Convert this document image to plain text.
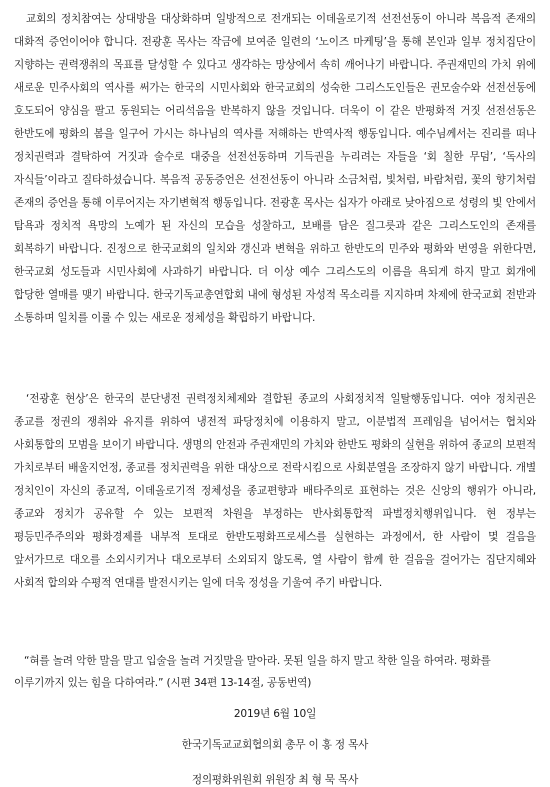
교회의 정치참여는 상대방을 대상화하며 일방적으로 전개되는 이데올로기적 선전선동이 아니라 복음적 존재의 대화적 증언이어야 합니다. 전광훈 목사는 작금에 보여준 일련의 ‘노이즈 마케팅’을 통해 본인과 일부 정치집단이 지향하는 권력쟁취의 목표를 달성할 수 있다고 생각하는 망상에서 속히 깨어나기 바랍니다. 주권재민의 가치 위에 새로운 민주사회의 역사를 써가는 한국의 시민사회와 한국교회의 성숙한 그리스도인들은 권모술수와 선전선동에 호도되어 양심을 팔고 동원되는 어리석음을 반복하지 않을 것입니다. 더욱이 이 같은 반평화적 거짓 선전선동은 한반도에 평화의 봄을 일구어 가시는 하나님의 역사를 저해하는 반역사적 행동입니다. 예수님께서는 진리를 떠나 정치권력과 결탁하여 거짓과 술수로 대중을 선전선동하며 기득권을 누리려는 자들을 ‘회 칠한 무덤’, ‘독사의 자식들’이라고 질타하셨습니다. 복음적 공동증언은 선전선동이 아니라 소금처럼, 빛처럼, 바람처럼, 꽃의 향기처럼 존재의 증언을 통해 이루어지는 자기변혁적 행동입니다. 전광훈 목사는 십자가 아래로 낮아짐으로 성령의 빛 안에서 탐욕과 정치적 욕망의 노예가 된 자신의 모습을 성찰하고, 보배를 담은 질그릇과 같은 그리스도인의 존재를 회복하기 바랍니다. 진정으로 한국교회의 일치와 갱신과 변혁을 위하고 한반도의 민주와 평화와 번영을 위한다면, 한국교회 성도들과 시민사회에 사과하기 바랍니다. 더 이상 예수 그리스도의 이름을 욕되게 하지 말고 회개에 합당한 열매를 맺기 바랍니다. 한국기독교총연합회 내에 형성된 자성적 목소리를 지지하며 차제에 한국교회 전반과 소통하며 일치를 이룰 수 있는 새로운 정체성을 확립하기 바랍니다.

‘전광훈 현상’은 한국의 분단냉전 권력정치체제와 결합된 종교의 사회정치적 일탈행동입니다. 여야 정치권은 종교를 정권의 쟁취와 유지를 위하여 냉전적 파당정치에 이용하지 말고, 이분법적 프레임을 넘어서는 협치와 사회통합의 모범을 보이기 바랍니다. 생명의 안전과 주권재민의 가치와 한반도 평화의 실현을 위하여 종교의 보편적 가치로부터 배울지언정, 종교를 정치권력을 위한 대상으로 전락시킴으로 사회분열을 조장하지 않기 바랍니다. 개별 정치인이 자신의 종교적, 이데올로기적 정체성을 종교편향과 배타주의로 표현하는 것은 신앙의 행위가 아니라, 종교와 정치가 공유할 수 있는 보편적 차원을 부정하는 반사회통합적 파벌정치행위입니다. 현 정부는 평등민주주의와 평화경제를 내부적 토대로 한반도평화프로세스를 실현하는 과정에서, 한 사람이 몇 걸음을 앞서가므로 대오를 소외시키거나 대오로부터 소외되지 않도록, 열 사람이 함께 한 걸음을 걸어가는 집단지혜와 사회적 합의와 수평적 연대를 발전시키는 일에 더욱 정성을 기울여 주기 바랍니다.

“혀를 놀려 악한 말을 말고 입술을 놀려 거짓말을 말아라. 못된 일을 하지 말고 착한 일을 하여라. 평화를 이루기까지 있는 힘을 다하여라.” (시편 34편 13-14절, 공동번역)

2019년 6월 10일
한국기독교교회협의회 총무 이 홍 정 목사
정의평화위원회 위원장 최 형 묵 목사
